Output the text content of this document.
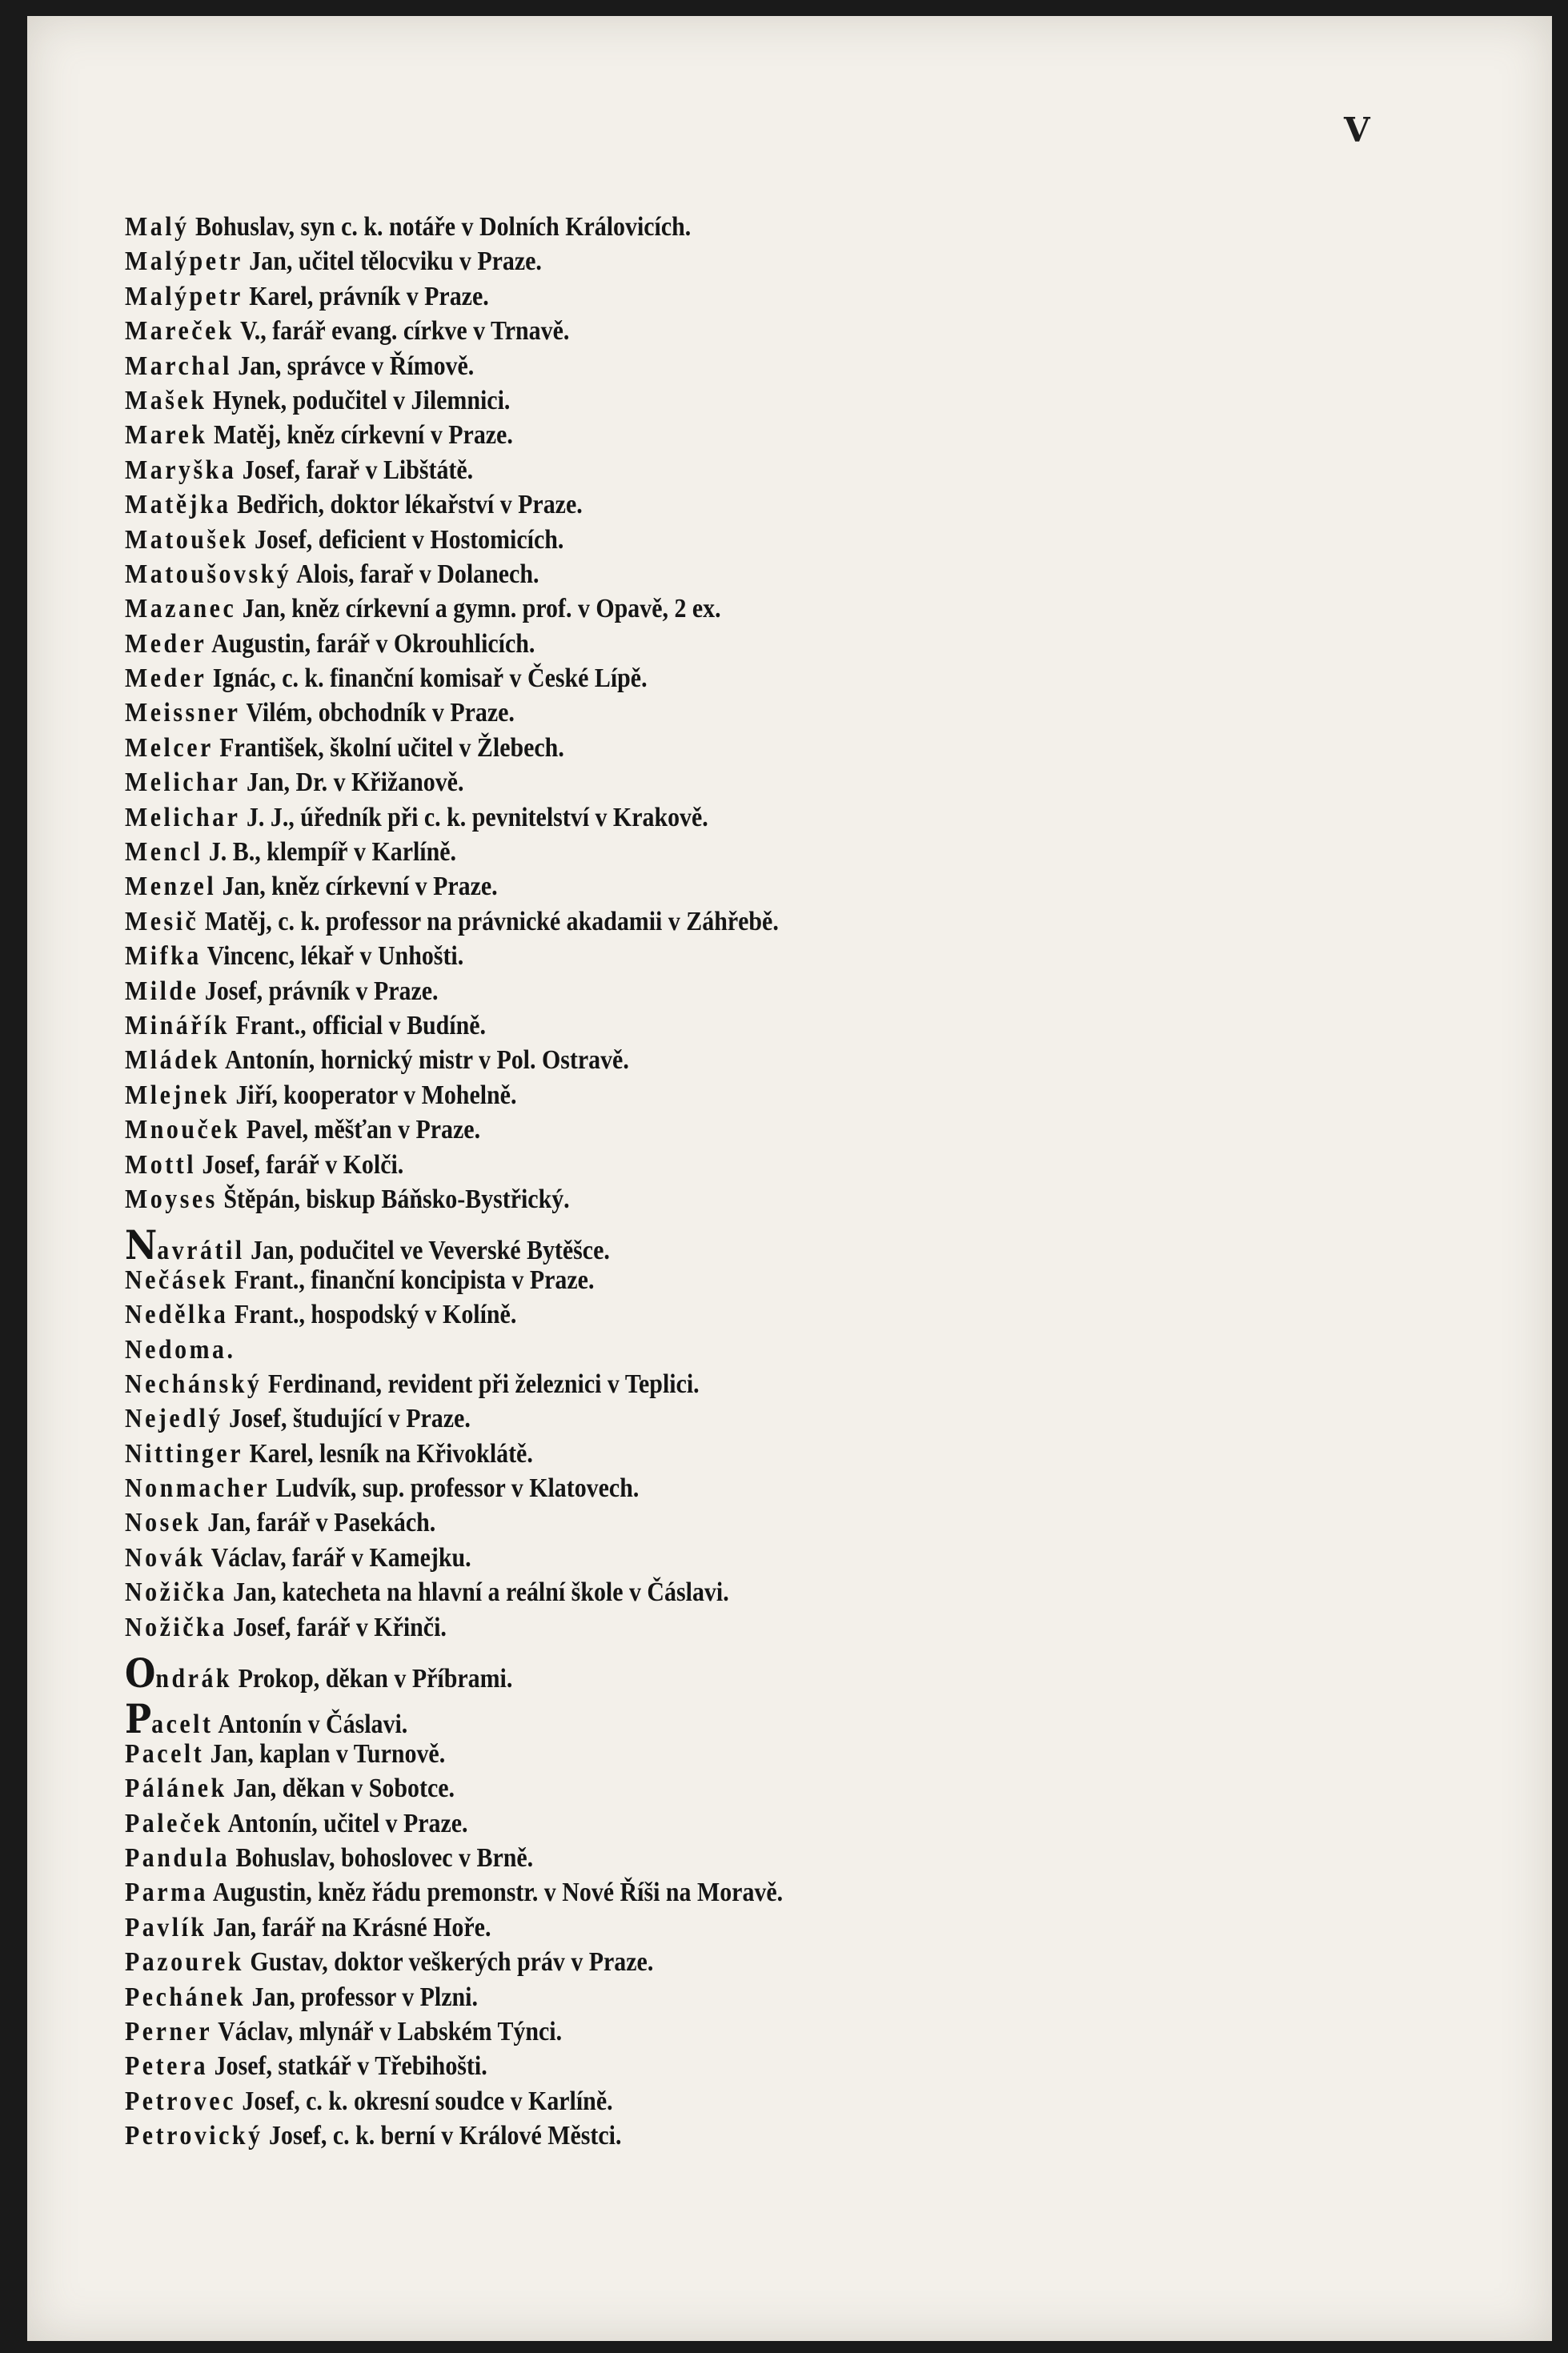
V
Malý Bohuslav, syn c. k. notáře v Dolních Královicích.
Malýpetr Jan, učitel tělocviku v Praze.
Malýpetr Karel, právník v Praze.
Mareček V., farář evang. církve v Trnavě.
Marchal Jan, správce v Římově.
Mašek Hynek, podučitel v Jilemnici.
Marek Matěj, kněz církevní v Praze.
Maryška Josef, farař v Libštátě.
Matějka Bedřich, doktor lékařství v Praze.
Matoušek Josef, deficient v Hostomicích.
Matoušovský Alois, farař v Dolanech.
Mazanec Jan, kněz církevní a gymn. prof. v Opavě, 2 ex.
Meder Augustin, farář v Okrouhlicích.
Meder Ignác, c. k. finanční komisař v České Lípě.
Meissner Vilém, obchodník v Praze.
Melcer František, školní učitel v Žlebech.
Melichar Jan, Dr. v Křižanově.
Melichar J. J., úředník při c. k. pevnitelství v Krakově.
Mencl J. B., klempíř v Karlíně.
Menzel Jan, kněz církevní v Praze.
Mesič Matěj, c. k. professor na právnické akadamii v Záhřebě.
Mifka Vincenc, lékař v Unhošti.
Milde Josef, právník v Praze.
Minářík Frant., official v Budíně.
Mládek Antonín, hornický mistr v Pol. Ostravě.
Mlejnek Jiří, kooperator v Mohelně.
Mnouček Pavel, měšťan v Praze.
Mottl Josef, farář v Kolči.
Moyses Štěpán, biskup Báňsko-Bystřický.
Navrátil Jan, podučitel ve Veverské Bytěšce.
Nečásek Frant., finanční koncipista v Praze.
Nedělka Frant., hospodský v Kolíně.
Nedoma.
Nechánský Ferdinand, revident při železnici v Teplici.
Nejedlý Josef, študující v Praze.
Nittinger Karel, lesník na Křivoklátě.
Nonmacher Ludvík, sup. professor v Klatovech.
Nosek Jan, farář v Pasekách.
Novák Václav, farář v Kamejku.
Nožička Jan, katecheta na hlavní a reální škole v Čáslavi.
Nožička Josef, farář v Křinči.
Ondrák Prokop, děkan v Příbrami.
Pacelt Antonín v Čáslavi.
Pacelt Jan, kaplan v Turnově.
Pálánek Jan, děkan v Sobotce.
Paleček Antonín, učitel v Praze.
Pandula Bohuslav, bohoslovec v Brně.
Parma Augustin, kněz řádu premonstr. v Nové Říši na Moravě.
Pavlík Jan, farář na Krásné Hoře.
Pazourek Gustav, doktor veškerých práv v Praze.
Pechánek Jan, professor v Plzni.
Perner Václav, mlynář v Labském Týnci.
Petera Josef, statkář v Třebihošti.
Petrovec Josef, c. k. okresní soudce v Karlíně.
Petrovický Josef, c. k. berní v Králové Městci.
